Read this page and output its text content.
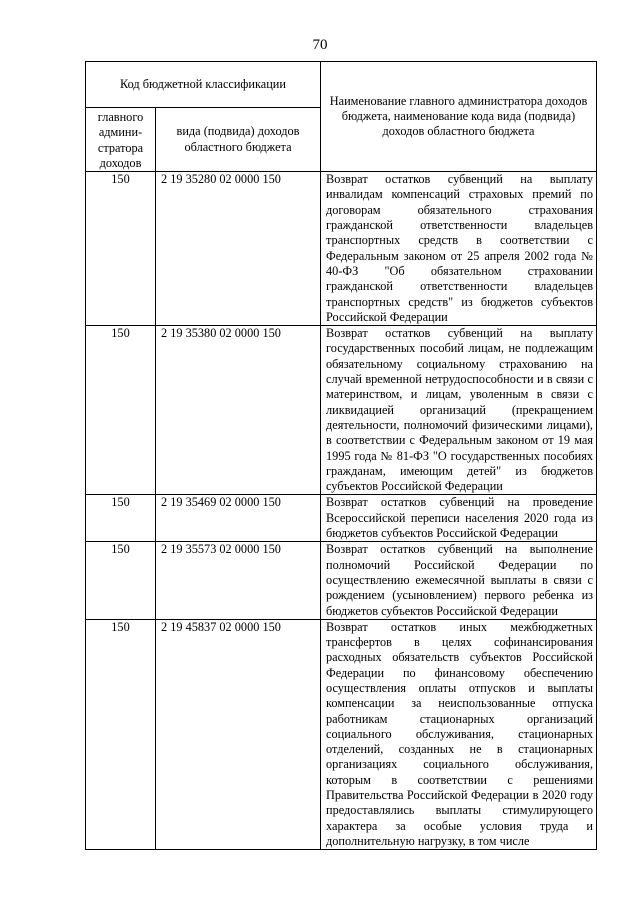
70
Код бюджетной классификации		Наименование главного администратора доходов бюджета, наименование кода вида (подвида) доходов областного бюджета
главного админи-стратора доходов	вида (подвида) доходов областного бюджета	
150	2 19 35280 02 0000 150	Возврат остатков субвенций на выплату инвалидам компенсаций страховых премий по договорам обязательного страхования гражданской ответственности владельцев транспортных средств в соответствии с Федеральным законом от 25 апреля 2002 года № 40-ФЗ "Об обязательном страховании гражданской ответственности владельцев транспортных средств" из бюджетов субъектов Российской Федерации
150	2 19 35380 02 0000 150	Возврат остатков субвенций на выплату государственных пособий лицам, не подлежащим обязательному социальному страхованию на случай временной нетрудоспособности и в связи с материнством, и лицам, уволенным в связи с ликвидацией организаций (прекращением деятельности, полномочий физическими лицами), в соответствии с Федеральным законом от 19 мая 1995 года № 81-ФЗ "О государственных пособиях гражданам, имеющим детей" из бюджетов субъектов Российской Федерации
150	2 19 35469 02 0000 150	Возврат остатков субвенций на проведение Всероссийской переписи населения 2020 года из бюджетов субъектов Российской Федерации
150	2 19 35573 02 0000 150	Возврат остатков субвенций на выполнение полномочий Российской Федерации по осуществлению ежемесячной выплаты в связи с рождением (усыновлением) первого ребенка из бюджетов субъектов Российской Федерации
150	2 19 45837 02 0000 150	Возврат остатков иных межбюджетных трансфертов в целях софинансирования расходных обязательств субъектов Российской Федерации по финансовому обеспечению осуществления оплаты отпусков и выплаты компенсации за неиспользованные отпуска работникам стационарных организаций социального обслуживания, стационарных отделений, созданных не в стационарных организациях социального обслуживания, которым в соответствии с решениями Правительства Российской Федерации в 2020 году предоставлялись выплаты стимулирующего характера за особые условия труда и дополнительную нагрузку, в том числе
